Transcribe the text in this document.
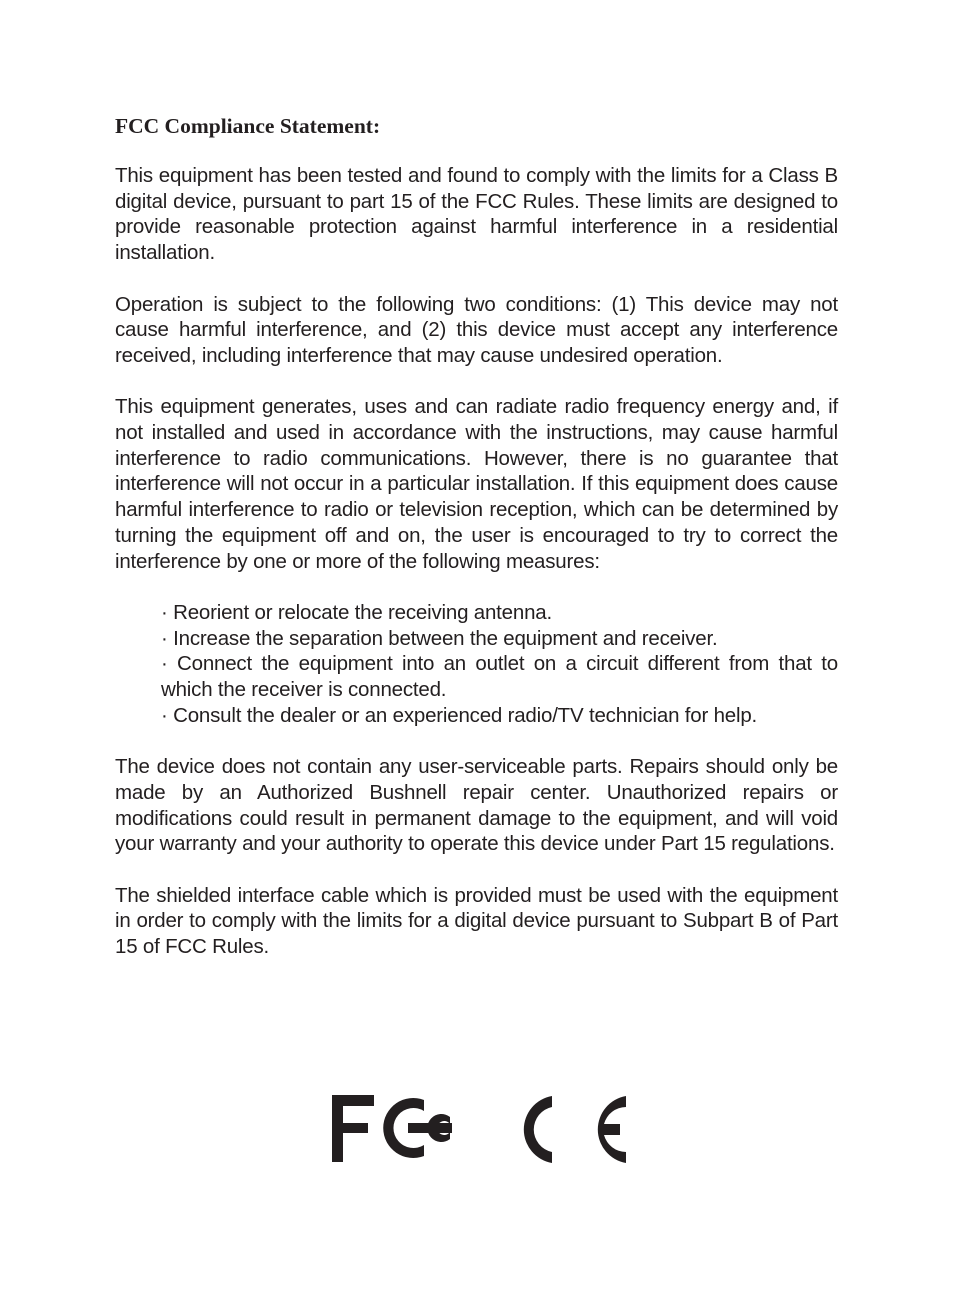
FCC Compliance Statement:

This equipment has been tested and found to comply with the limits for a Class B digital device, pursuant to part 15 of the FCC Rules. These limits are designed to provide reasonable protection against harmful interference in a residential installation.

Operation is subject to the following two conditions: (1) This device may not cause harmful interference, and (2) this device must accept any interference received, including interference that may cause undesired operation.

This equipment generates, uses and can radiate radio frequency energy and, if not installed and used in accordance with the instructions, may cause harmful interference to radio communications. However, there is no guarantee that interference will not occur in a particular installation. If this equipment does cause harmful interference to radio or television reception, which can be determined by turning the equipment off and on, the user is encouraged to try to correct the interference by one or more of the following measures:

· Reorient or relocate the receiving antenna.
· Increase the separation between the equipment and receiver.
· Connect the equipment into an outlet on a circuit different from that to which the receiver is connected.
· Consult the dealer or an experienced radio/TV technician for help.

The device does not contain any user-serviceable parts. Repairs should only be made by an Authorized Bushnell repair center. Unauthorized repairs or modifications could result in permanent damage to the equipment, and will void your warranty and your authority to operate this device under Part 15 regulations.

The shielded interface cable which is provided must be used with the equipment in order to comply with the limits for a digital device pursuant to Subpart B of Part 15 of FCC Rules.
